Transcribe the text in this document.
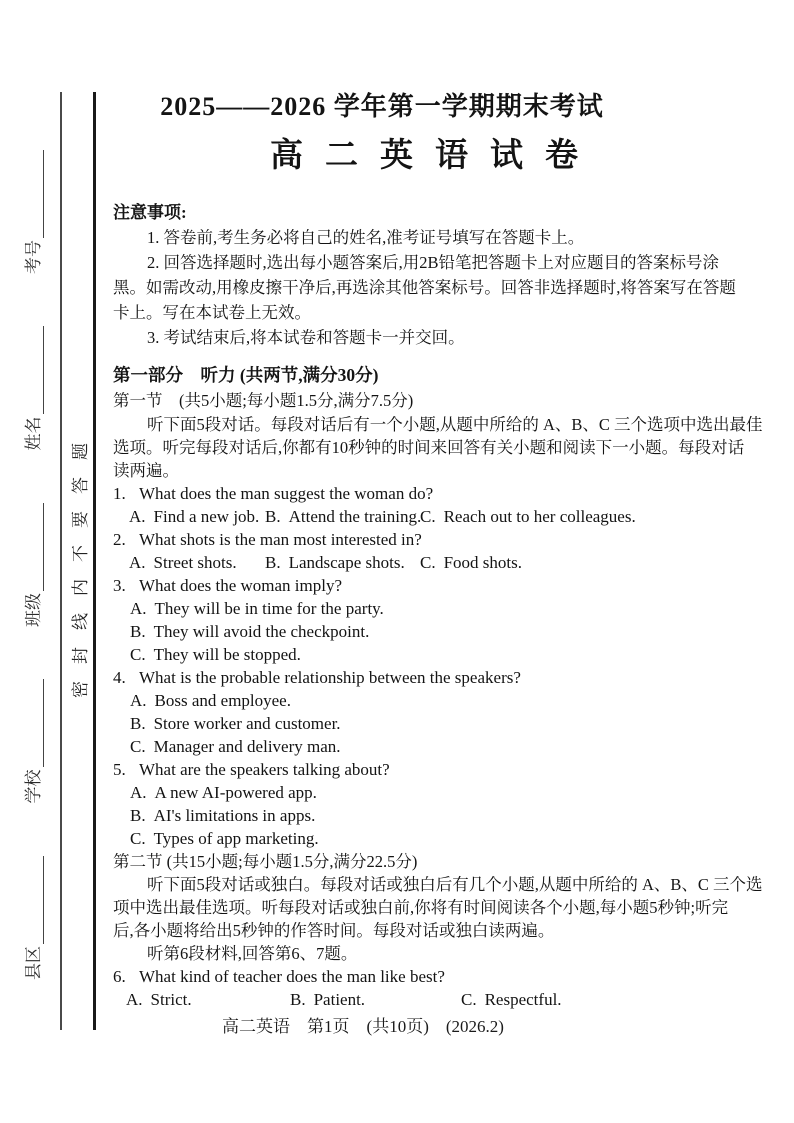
县区
学校
班级
姓名
考号
密封线内不要答题
2025——2026 学年第一学期期末考试
高二英语试卷
注意事项:
1. 答卷前,考生务必将自己的姓名,准考证号填写在答题卡上。
2. 回答选择题时,选出每小题答案后,用2B铅笔把答题卡上对应题目的答案标号涂
黑。如需改动,用橡皮擦干净后,再选涂其他答案标号。回答非选择题时,将答案写在答题
卡上。写在本试卷上无效。
3. 考试结束后,将本试卷和答题卡一并交回。
第一部分　听力 (共两节,满分30分)
第一节　(共5小题;每小题1.5分,满分7.5分)
听下面5段对话。每段对话后有一个小题,从题中所给的 A、B、C 三个选项中选出最佳
选项。听完每段对话后,你都有10秒钟的时间来回答有关小题和阅读下一小题。每段对话
读两遍。
1. What does the man suggest the woman do?
A. Find a new job. B. Attend the training.
C. Reach out to her colleagues.
2. What shots is the man most interested in?
A. Street shots.	B. Landscape shots. C. Food shots.
3. What does the woman imply?
A. They will be in time for the party.
B. They will avoid the checkpoint.
C. They will be stopped.
4. What is the probable relationship between the speakers?
A. Boss and employee.
B. Store worker and customer.
C. Manager and delivery man.
5. What are the speakers talking about?
A. A new AI-powered app.
B. AI's limitations in apps.
C. Types of app marketing.
第二节 (共15小题;每小题1.5分,满分22.5分)
听下面5段对话或独白。每段对话或独白后有几个小题,从题中所给的 A、B、C 三个选
项中选出最佳选项。听每段对话或独白前,你将有时间阅读各个小题,每小题5秒钟;听完
后,各小题将给出5秒钟的作答时间。每段对话或独白读两遍。
听第6段材料,回答第6、7题。
6. What kind of teacher does the man like best?
A. Strict.	B. Patient.	C. Respectful.
高二英语　第1页　(共10页)　(2026.2)
